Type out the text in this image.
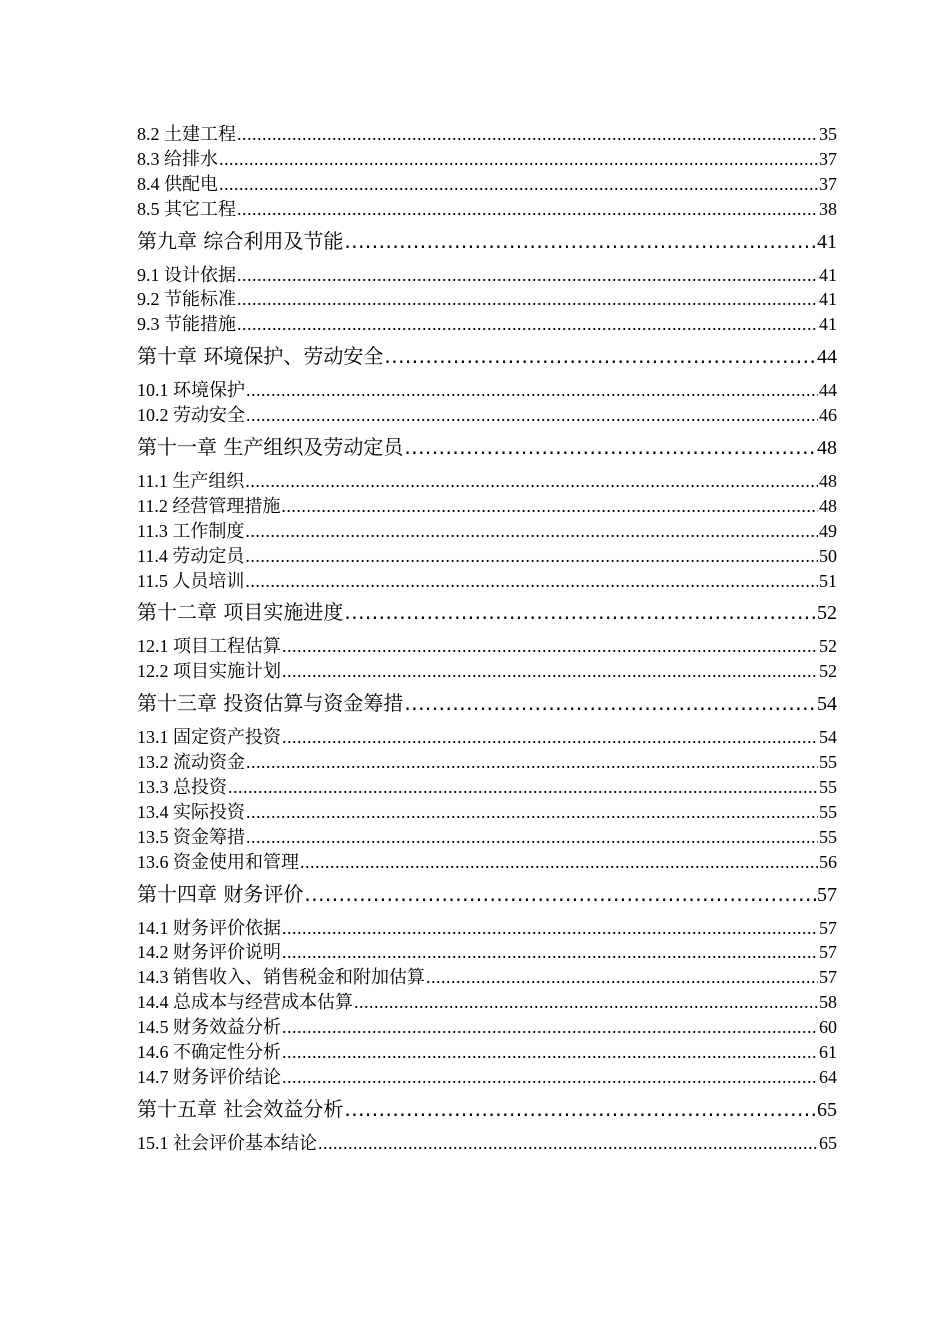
8.2 土建工程 .....	35
8.3 给排水 .....	37
8.4 供配电 .....	37
8.5 其它工程 .....	38
第九章 综合利用及节能 .....	41
9.1 设计依据 .....	41
9.2 节能标准 .....	41
9.3 节能措施 .....	41
第十章 环境保护、劳动安全 .....	44
10.1 环境保护 .....	44
10.2 劳动安全 .....	46
第十一章 生产组织及劳动定员 .....	48
11.1 生产组织 .....	48
11.2 经营管理措施 .....	48
11.3 工作制度 .....	49
11.4 劳动定员 .....	50
11.5 人员培训 .....	51
第十二章 项目实施进度 .....	52
12.1 项目工程估算 .....	52
12.2 项目实施计划 .....	52
第十三章 投资估算与资金筹措 .....	54
13.1 固定资产投资 .....	54
13.2 流动资金 .....	55
13.3 总投资 .....	55
13.4 实际投资 .....	55
13.5 资金筹措 .....	55
13.6 资金使用和管理 .....	56
第十四章 财务评价 .....	57
14.1 财务评价依据 .....	57
14.2 财务评价说明 .....	57
14.3 销售收入、销售税金和附加估算 .....	57
14.4 总成本与经营成本估算 .....	58
14.5 财务效益分析 .....	60
14.6 不确定性分析 .....	61
14.7 财务评价结论 .....	64
第十五章 社会效益分析 .....	65
15.1 社会评价基本结论 .....	65
